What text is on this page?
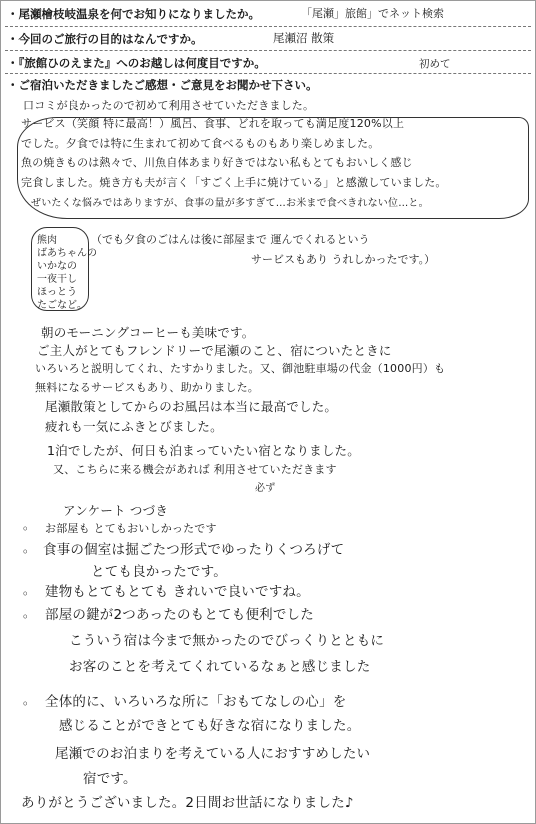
・尾瀬檜枝岐温泉を何でお知りになりましたか。	「尾瀬」旅館」でネット検索
・今回のご旅行の目的はなんですか。	尾瀬沼 散策
・『旅館ひのえまた』へのお越しは何度目ですか。	初めて
・ご宿泊いただきましたご感想・ご意見をお聞かせ下さい。
口コミが良かったので初めて利用させていただきました。
サービス（笑顔 特に最高！）風呂、食事、どれを取っても満足度120%以上
でした。夕食では特に生まれて初めて食べるものもあり楽しめました。
魚の焼きものは熱々で、川魚自体あまり好きではない私もとてもおいしく感じ
完食しました。焼き方も夫が言く「すごく上手に焼けている」と感激していました。
ぜいたくな悩みではありますが、食事の量が多すぎて…お米まで食べきれない位…と。
熊肉
ばあちゃんの
いかなの
一夜干し
ほっとう
たごなど。
（でも夕食のごはんは後に部屋まで 運んでくれるという
サービスもあり うれしかったです。）
朝のモーニングコーヒーも美味です。
ご主人がとてもフレンドリーで尾瀬のこと、宿についたときに
いろいろと説明してくれ、たすかりました。又、御池駐車場の代金（1000円）も
無料になるサービスもあり、助かりました。
尾瀬散策としてからのお風呂は本当に最高でした。
疲れも一気にふきとびました。
1泊でしたが、何日も泊まっていたい宿となりました。
又、こちらに来る機会があれば 利用させていただきます
必ず
アンケート つづき
。 お部屋も とてもおいしかったです
。 食事の個室は掘ごたつ形式でゆったりくつろげて
とても良かったです。
。 建物もとてもとても きれいで良いですね。
。 部屋の鍵が2つあったのもとても便利でした
こういう宿は今まで無かったのでびっくりとともに
お客のことを考えてくれているなぁと感じました
。 全体的に、いろいろな所に「おもてなしの心」を
感じることができとても好きな宿になりました。
尾瀬でのお泊まりを考えている人におすすめしたい
宿です。
ありがとうございました。2日間お世話になりました♪
